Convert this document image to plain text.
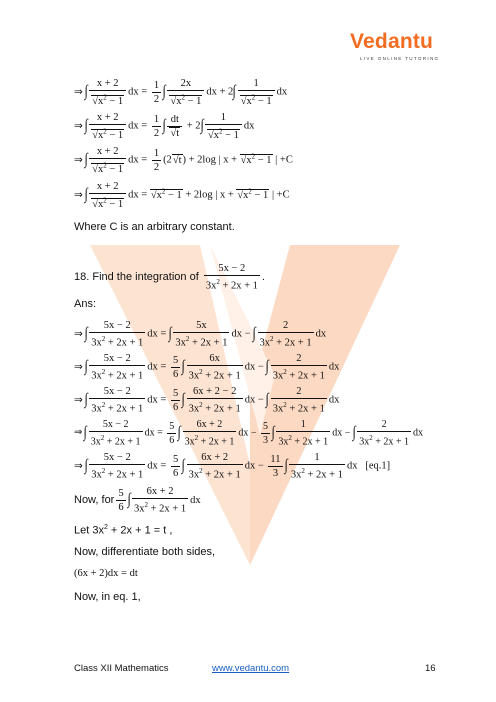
Vedantu
LIVE ONLINE TUTORING
⇒∫ x + 2
√ $x^2 - 1$ dx = $\frac{1}{2}$ ∫ 2x
√ $x^2 - 1$ dx + 2∫ 1
√ $x^2 - 1$ dx
⇒∫ x + 2
√ $x^2 - 1$ dx = $\frac{1}{2}$ ∫ dt
√ t + 2∫ 1
√ $x^2 - 1$ dx
⇒∫ x + 2
√ $x^2 - 1$ dx = $\frac{1}{2} (2√$ t) + 2log | x + √ $x^2 - 1$ | +C
⇒∫ x + 2
√ $x^2 - 1$ dx = √ $x^2 - 1 + 2\log$ | x + √ $x^2 - 1$ | +C
Where C is an arbitrary constant.
18. Find the integration of $\frac{5x - 2}{3x^2 + 2x + 1}$ .
Ans:
⇒∫ $\frac{5x - 2}{3x^2 + 2x + 1}$ dx = ∫ $\frac{5x}{3x^2 + 2x + 1}$ dx − ∫ $\frac{2}{3x^2 + 2x + 1}$ dx
⇒∫ $\frac{5x - 2}{3x^2 + 2x + 1}$ dx = $\frac{5}{6}$ ∫ $\frac{6x}{3x^2 + 2x + 1}$ dx − ∫ $\frac{2}{3x^2 + 2x + 1}$ dx
⇒∫ $\frac{5x - 2}{3x^2 + 2x + 1}$ dx = $\frac{5}{6}$ ∫ $\frac{6x + 2 - 2}{3x^2 + 2x + 1}$ dx − ∫ $\frac{2}{3x^2 + 2x + 1}$ dx
⇒∫ $\frac{5x - 2}{3x^2 + 2x + 1}$ dx = $\frac{5}{6}$ ∫ $\frac{6x + 2}{3x^2 + 2x + 1}$ dx − $\frac{5}{3}$ ∫ $\frac{1}{3x^2 + 2x + 1}$ dx − ∫ $\frac{2}{3x^2 + 2x + 1}$ dx
⇒∫ $\frac{5x - 2}{3x^2 + 2x + 1}$ dx = $\frac{5}{6}$ ∫ $\frac{6x + 2}{3x^2 + 2x + 1}$ dx − $\frac{11}{3}$ ∫ $\frac{1}{3x^2 + 2x + 1}$ dx   [eq.1]
Now, for $\frac{5}{6}$ ∫ $\frac{6x + 2}{3x^2 + 2x + 1}$ dx
Let $3x^2 + 2x + 1 = t$ ,
Now, differentiate both sides,
(6x + 2)dx = dt
Now, in eq. 1,
Class XII Mathematics	www.vedantu.com	16
